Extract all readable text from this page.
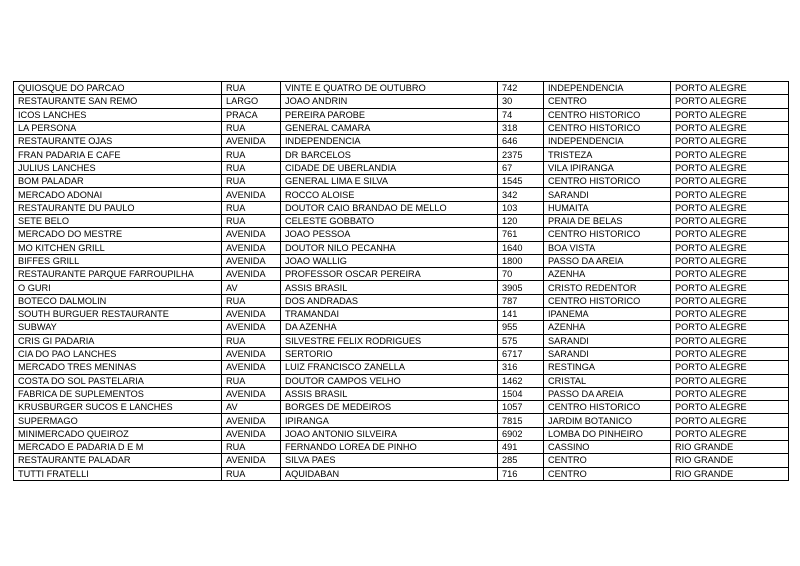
QUIOSQUE DO PARCAO	RUA	VINTE E QUATRO DE OUTUBRO	742	INDEPENDENCIA	PORTO ALEGRE
RESTAURANTE SAN REMO	LARGO	JOAO ANDRIN	30	CENTRO	PORTO ALEGRE
ICOS LANCHES	PRACA	PEREIRA PAROBE	74	CENTRO HISTORICO	PORTO ALEGRE
LA PERSONA	RUA	GENERAL CAMARA	318	CENTRO HISTORICO	PORTO ALEGRE
RESTAURANTE OJAS	AVENIDA	INDEPENDENCIA	646	INDEPENDENCIA	PORTO ALEGRE
FRAN PADARIA E CAFE	RUA	DR BARCELOS	2375	TRISTEZA	PORTO ALEGRE
JULIUS LANCHES	RUA	CIDADE DE UBERLANDIA	67	VILA IPIRANGA	PORTO ALEGRE
BOM PALADAR	RUA	GENERAL LIMA E SILVA	1545	CENTRO HISTORICO	PORTO ALEGRE
MERCADO ADONAI	AVENIDA	ROCCO ALOISE	342	SARANDI	PORTO ALEGRE
RESTAURANTE DU PAULO	RUA	DOUTOR CAIO BRANDAO DE MELLO	103	HUMAITA	PORTO ALEGRE
SETE BELO	RUA	CELESTE GOBBATO	120	PRAIA DE BELAS	PORTO ALEGRE
MERCADO DO MESTRE	AVENIDA	JOAO PESSOA	761	CENTRO HISTORICO	PORTO ALEGRE
MO KITCHEN GRILL	AVENIDA	DOUTOR NILO PECANHA	1640	BOA VISTA	PORTO ALEGRE
BIFFES GRILL	AVENIDA	JOAO WALLIG	1800	PASSO DA AREIA	PORTO ALEGRE
RESTAURANTE PARQUE FARROUPILHA	AVENIDA	PROFESSOR OSCAR PEREIRA	70	AZENHA	PORTO ALEGRE
O GURI	AV	ASSIS BRASIL	3905	CRISTO REDENTOR	PORTO ALEGRE
BOTECO DALMOLIN	RUA	DOS ANDRADAS	787	CENTRO HISTORICO	PORTO ALEGRE
SOUTH BURGUER RESTAURANTE	AVENIDA	TRAMANDAI	141	IPANEMA	PORTO ALEGRE
SUBWAY	AVENIDA	DA AZENHA	955	AZENHA	PORTO ALEGRE
CRIS GI PADARIA	RUA	SILVESTRE FELIX RODRIGUES	575	SARANDI	PORTO ALEGRE
CIA DO PAO LANCHES	AVENIDA	SERTORIO	6717	SARANDI	PORTO ALEGRE
MERCADO TRES MENINAS	AVENIDA	LUIZ FRANCISCO ZANELLA	316	RESTINGA	PORTO ALEGRE
COSTA DO SOL PASTELARIA	RUA	DOUTOR CAMPOS VELHO	1462	CRISTAL	PORTO ALEGRE
FABRICA DE SUPLEMENTOS	AVENIDA	ASSIS BRASIL	1504	PASSO DA AREIA	PORTO ALEGRE
KRUSBURGER SUCOS E LANCHES	AV	BORGES DE MEDEIROS	1057	CENTRO HISTORICO	PORTO ALEGRE
SUPERMAGO	AVENIDA	IPIRANGA	7815	JARDIM BOTANICO	PORTO ALEGRE
MINIMERCADO QUEIROZ	AVENIDA	JOAO ANTONIO SILVEIRA	6902	LOMBA DO PINHEIRO	PORTO ALEGRE
MERCADO E PADARIA D E M	RUA	FERNANDO LOREA DE PINHO	491	CASSINO	RIO GRANDE
RESTAURANTE PALADAR	AVENIDA	SILVA PAES	285	CENTRO	RIO GRANDE
TUTTI FRATELLI	RUA	AQUIDABAN	716	CENTRO	RIO GRANDE
